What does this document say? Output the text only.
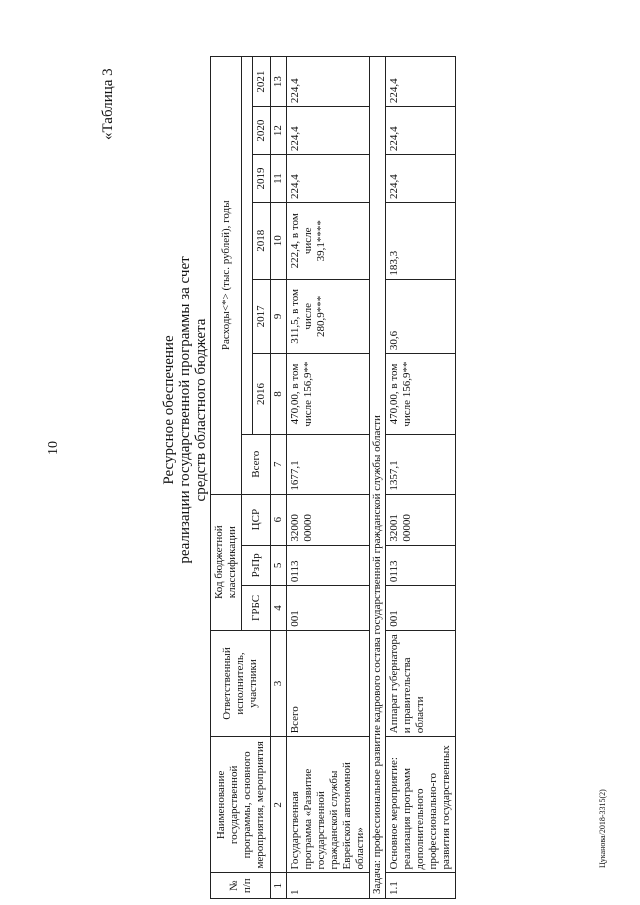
10
«Таблица 3
Ресурсное обеспечение реализации государственной программы за счет средств областного бюджета
Цуканова/2018-3315(2)
№ п/п	Наименование государственной программы, основного мероприятия, мероприятия	Ответственный исполнитель, участники	Код бюджетной классификации			Расходы<*> (тыс. рублей), годы						
			ГРБС	РзПр	ЦСР	Всего						
							2016	2017	2018	2019	2020	2021
1	2	3	4	5	6	7	8	9	10	11	12	13
1	Государственная программа «Развитие государственной гражданской службы Еврейской автономной области»	Всего	001	0113	32000 00000	1677,1	470,00, в том числе 156,9**	311,5, в том числе 280,9***	222,4, в том числе 39,1****	224,4	224,4	224,4
Задача: профессиональное развитие кадрового состава государственной гражданской службы области												
1.1	Основное мероприятие: реализация программ дополнительного профессионально-го развития государственных	Аппарат губернатора и правительства области	001	0113	32001 00000	1357,1	470,00, в том числе 156,9**	30,6	183,3	224,4	224,4	224,4
